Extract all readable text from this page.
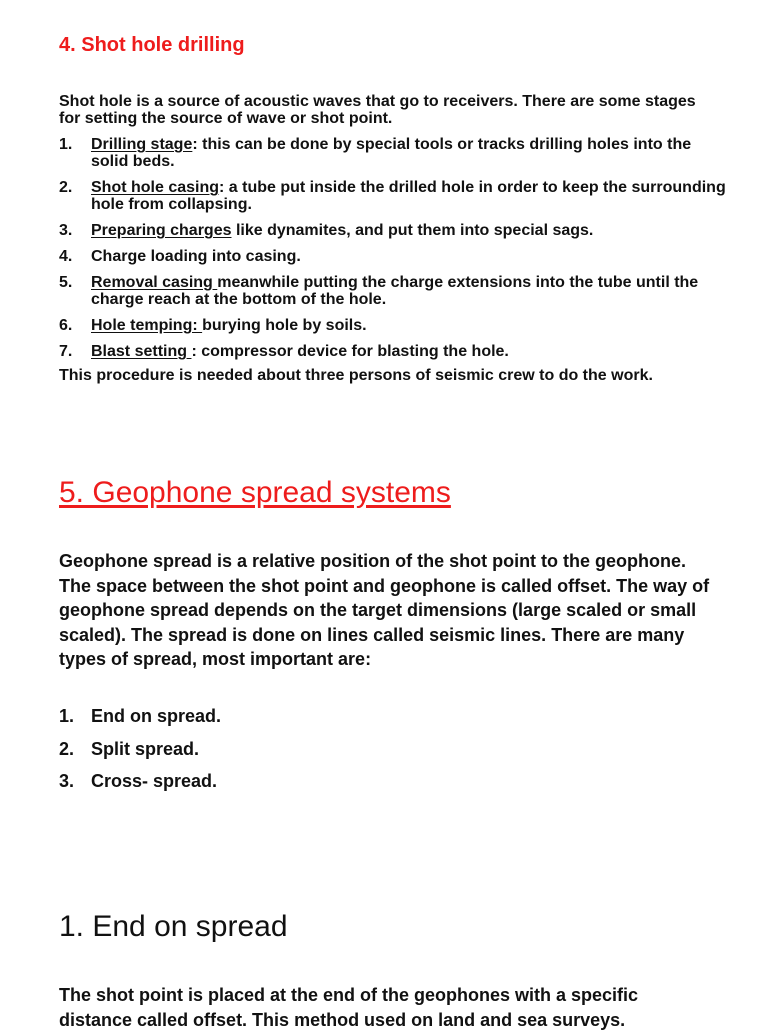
4. Shot hole drilling

Shot hole is a source of acoustic waves that go to receivers. There are some stages for setting the source of wave or shot point.

1. Drilling stage: this can be done by special tools or tracks drilling holes into the solid beds.
2. Shot hole casing: a tube put inside the drilled hole in order to keep the surrounding hole from collapsing.
3. Preparing charges like dynamites, and put them into special sags.
4. Charge loading into casing.
5. Removal casing meanwhile putting the charge extensions into the tube until the charge reach at the bottom of the hole.
6. Hole temping: burying hole by soils.
7. Blast setting : compressor device for blasting the hole.

This procedure is needed about three persons of seismic crew to do the work.

5. Geophone spread systems

Geophone spread is a relative position of the shot point to the geophone. The space between the shot point and geophone is called offset. The way of geophone spread depends on the target dimensions (large scaled or small scaled). The spread is done on lines called seismic lines. There are many types of spread, most important are:

1. End on spread.
2. Split spread.
3. Cross- spread.
1. End on spread

The shot point is placed at the end of the geophones with a specific distance called offset. This method used on land and sea surveys.
